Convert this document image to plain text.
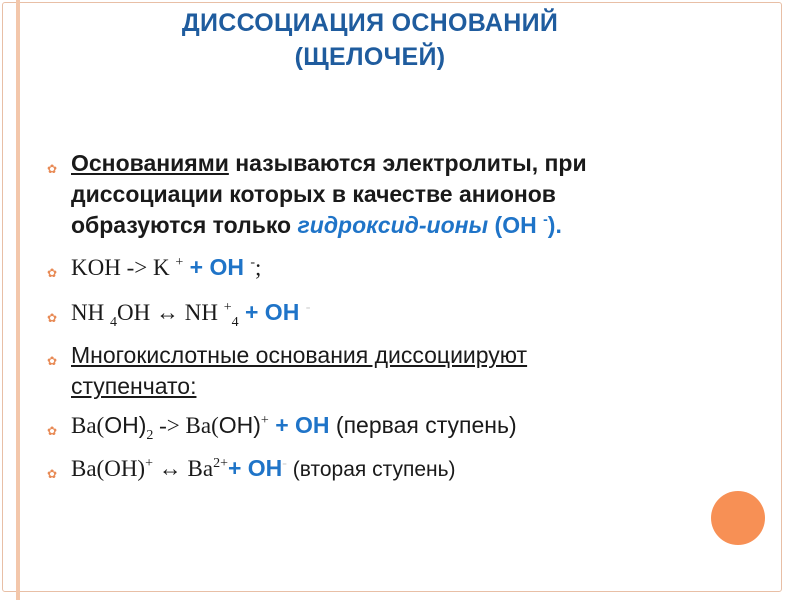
ДИССОЦИАЦИЯ ОСНОВАНИЙ
(ЩЕЛОЧЕЙ)
✿ Основаниями называются электролиты, при
диссоциации которых в качестве анионов
образуются только гидроксид-ионы (OH -).
✿ KOH -> K + + OH -;
✿ NH $_4$OH ↔ NH +$_4$ + OH -
✿ Многокислотные основания диссоциируют
ступенчато:
✿ $Ba(OH)_2 -> Ba(OH)^+$ + OH (первая ступень)
✿ Ba(OH)+ ↔ $Ba^{2+}+ OH^-$ (вторая ступень)
